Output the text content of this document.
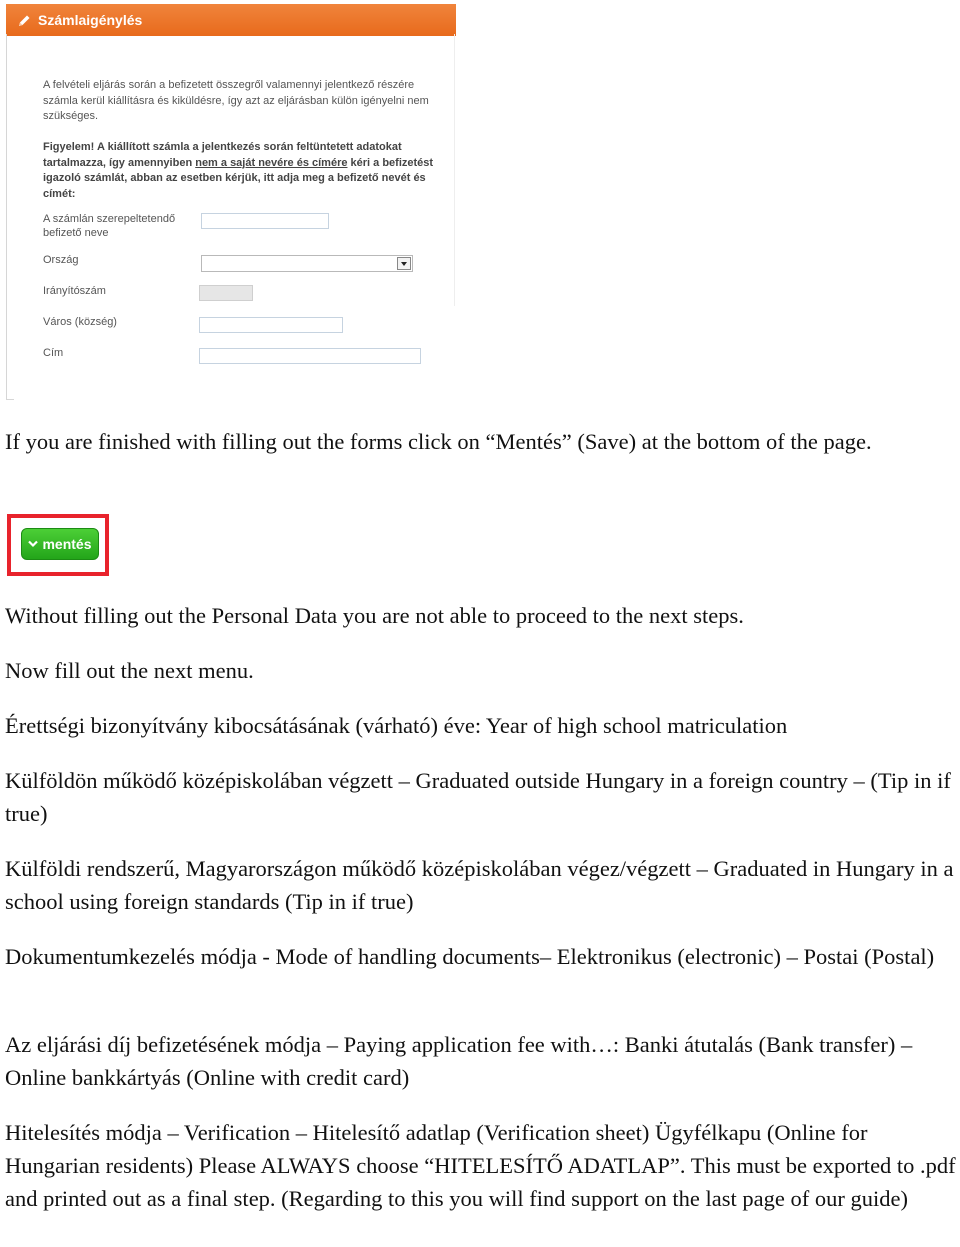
Számlaigénylés
A felvételi eljárás során a befizetett összegről valamennyi jelentkező részére számla kerül kiállításra és kiküldésre, így azt az eljárásban külön igényelni nem szükséges.
Figyelem! A kiállított számla a jelentkezés során feltüntetett adatokat tartalmazza, így amennyiben nem a saját nevére és címére kéri a befizetést igazoló számlát, abban az esetben kérjük, itt adja meg a befizető nevét és címét:
A számlán szerepeltetendő
befizető neve
Ország
Irányítószám
Város (község)
Cím

If you are finished with filling out the forms click on “Mentés” (Save) at the bottom of the page.

mentés

Without filling out the Personal Data you are not able to proceed to the next steps.

Now fill out the next menu.

Érettségi bizonyítvány kibocsátásának (várható) éve: Year of high school matriculation

Külföldön működő középiskolában végzett – Graduated outside Hungary in a foreign country – (Tip in if true)

Külföldi rendszerű, Magyarországon működő középiskolában végez/végzett – Graduated in Hungary in a school using foreign standards (Tip in if true)

Dokumentumkezelés módja - Mode of handling documents– Elektronikus (electronic) – Postai (Postal)

Az eljárási díj befizetésének módja – Paying application fee with…: Banki átutalás (Bank transfer) – Online bankkártyás (Online with credit card)

Hitelesítés módja – Verification – Hitelesítő adatlap (Verification sheet) Ügyfélkapu (Online for Hungarian residents) Please ALWAYS choose “HITELESÍTŐ ADATLAP”. This must be exported to .pdf and printed out as a final step. (Regarding to this you will find support on the last page of our guide)
